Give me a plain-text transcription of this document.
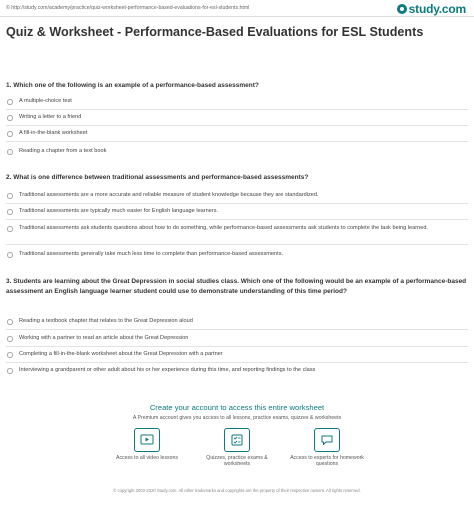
© http://study.com/academy/practice/quiz-worksheet-performance-based-evaluations-for-esl-students.html	study.com
Quiz & Worksheet - Performance-Based Evaluations for ESL Students
1. Which one of the following is an example of a performance-based assessment?
A multiple-choice test
Writing a letter to a friend
A fill-in-the-blank worksheet
Reading a chapter from a text book
2. What is one difference between traditional assessments and performance-based assessments?
Traditional assessments are a more accurate and reliable measure of student knowledge because they are standardized.
Traditional assessments are typically much easier for English language learners.
Traditional assessments ask students questions about how to do something, while performance-based assessments ask students to complete the task being learned.
Traditional assessments generally take much less time to complete than performance-based assessments.
3. Students are learning about the Great Depression in social studies class. Which one of the following would be an example of a performance-based assessment an English language learner student could use to demonstrate understanding of this time period?
Reading a textbook chapter that relates to the Great Depression aloud
Working with a partner to read an article about the Great Depression
Completing a fill-in-the-blank worksheet about the Great Depression with a partner
Interviewing a grandparent or other adult about his or her experience during this time, and reporting findings to the class
Create your account to access this entire worksheet
A Premium account gives you access to all lessons, practice exams, quizzes & worksheets
Access to all video lessons	Quizzes, practice exams & worksheets
Access to experts for homework questions
© copyright 2003-2020 Study.com. All other trademarks and copyrights are the property of their respective owners. All rights reserved.
